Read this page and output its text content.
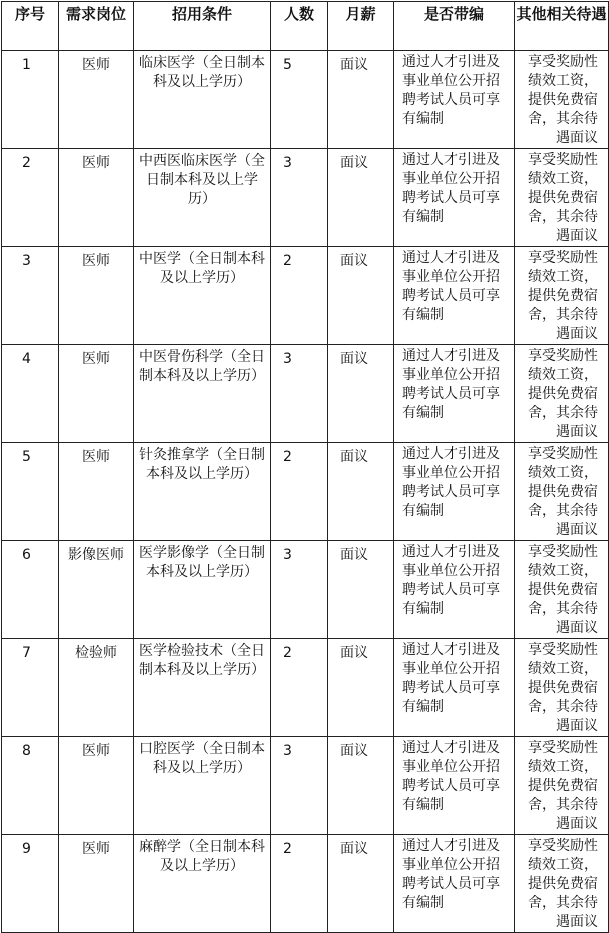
序号	需求岗位	招用条件	人数	月薪	是否带编	其他相关待遇
1	医师	临床医学（全日制本科及以上学历）	5	面议	通过人才引进及事业单位公开招聘考试人员可享有编制	享受奖励性绩效工资，提供免费宿舍，其余待遇面议
2	医师	中西医临床医学（全日制本科及以上学历）	3	面议	通过人才引进及事业单位公开招聘考试人员可享有编制	享受奖励性绩效工资，提供免费宿舍，其余待遇面议
3	医师	中医学（全日制本科及以上学历）	2	面议	通过人才引进及事业单位公开招聘考试人员可享有编制	享受奖励性绩效工资，提供免费宿舍，其余待遇面议
4	医师	中医骨伤科学（全日制本科及以上学历）	3	面议	通过人才引进及事业单位公开招聘考试人员可享有编制	享受奖励性绩效工资，提供免费宿舍，其余待遇面议
5	医师	针灸推拿学（全日制本科及以上学历）	2	面议	通过人才引进及事业单位公开招聘考试人员可享有编制	享受奖励性绩效工资，提供免费宿舍，其余待遇面议
6	影像医师	医学影像学（全日制本科及以上学历）	3	面议	通过人才引进及事业单位公开招聘考试人员可享有编制	享受奖励性绩效工资，提供免费宿舍，其余待遇面议
7	检验师	医学检验技术（全日制本科及以上学历）	2	面议	通过人才引进及事业单位公开招聘考试人员可享有编制	享受奖励性绩效工资，提供免费宿舍，其余待遇面议
8	医师	口腔医学（全日制本科及以上学历）	3	面议	通过人才引进及事业单位公开招聘考试人员可享有编制	享受奖励性绩效工资，提供免费宿舍，其余待遇面议
9	医师	麻醉学（全日制本科及以上学历）	2	面议	通过人才引进及事业单位公开招聘考试人员可享有编制	享受奖励性绩效工资，提供免费宿舍，其余待遇面议
